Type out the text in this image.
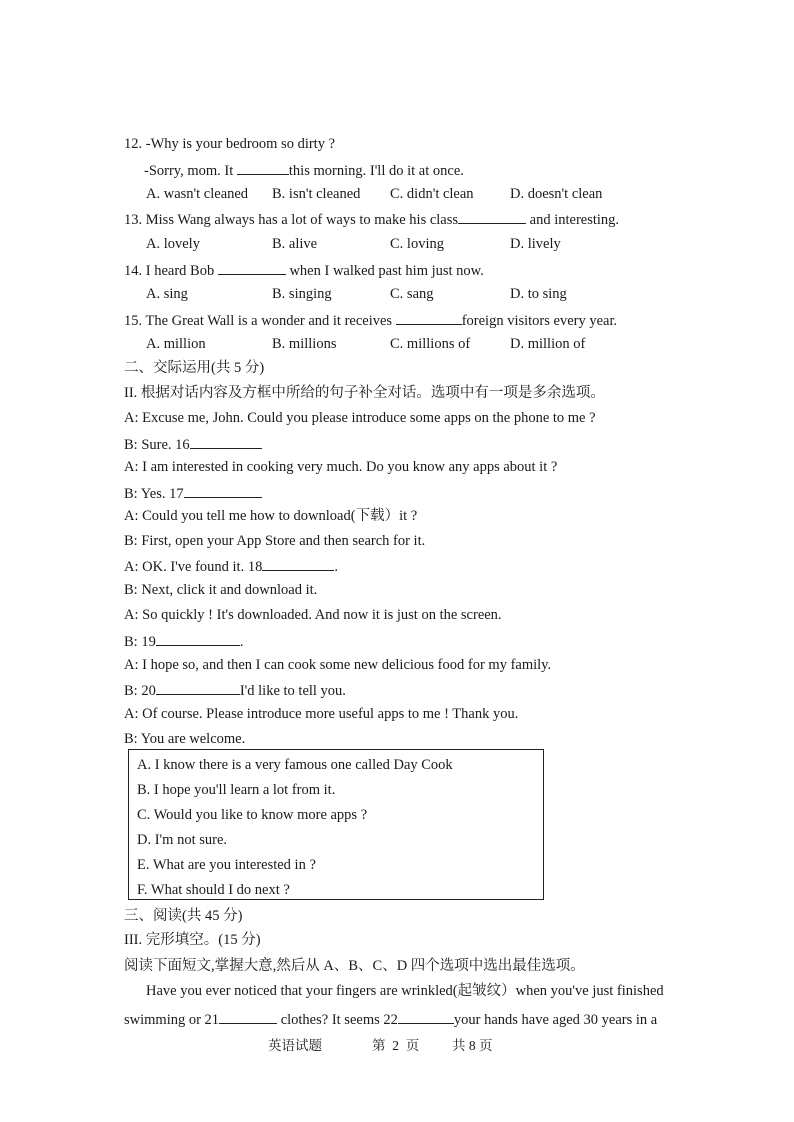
12. -Why is your bedroom so dirty ?
-Sorry, mom. It	this morning. I'll do it at once.
A. wasn't cleaned B. isn't cleaned C. didn't clean	D. doesn't clean
13. Miss Wang always has a lot of ways to make his class	and interesting.
A. lovely	B. alive	C. loving	D. lively
14. I heard Bob	when I walked past him just now.
A. sing	B. singing	C. sang	D. to sing
15. The Great Wall is a wonder and it receives	foreign visitors every year.
A. million	B. millions	C. millions of	D. million of
二、交际运用(共 5 分)
II. 根据对话内容及方框中所给的句子补全对话。选项中有一项是多余选项。
A: Excuse me, John. Could you please introduce some apps on the phone to me ?
B: Sure. 16
A: I am interested in cooking very much. Do you know any apps about it ?
B: Yes. 17
A: Could you tell me how to download(下载）it ?
B: First, open your App Store and then search for it.
A: OK. I've found it. 18	.
B: Next, click it and download it.
A: So quickly ! It's downloaded. And now it is just on the screen.
B: 19	.
A: I hope so, and then I can cook some new delicious food for my family.
B: 20	I'd like to tell you.
A: Of course. Please introduce more useful apps to me ! Thank you.
B: You are welcome.
A. I know there is a very famous one called Day Cook
B. I hope you'll learn a lot from it.
C. Would you like to know more apps ?
D. I'm not sure.
E. What are you interested in ?
F. What should I do next ?
三、阅读(共 45 分)
III. 完形填空。(15 分)
阅读下面短文,掌握大意,然后从 A、B、C、D 四个选项中选出最佳选项。
Have you ever noticed that your fingers are wrinkled(起皱纹）when you've just finished
swimming or 21	clothes? It seems 22	your hands have aged 30 years in a
英语试题	第  2  页 共 8 页
